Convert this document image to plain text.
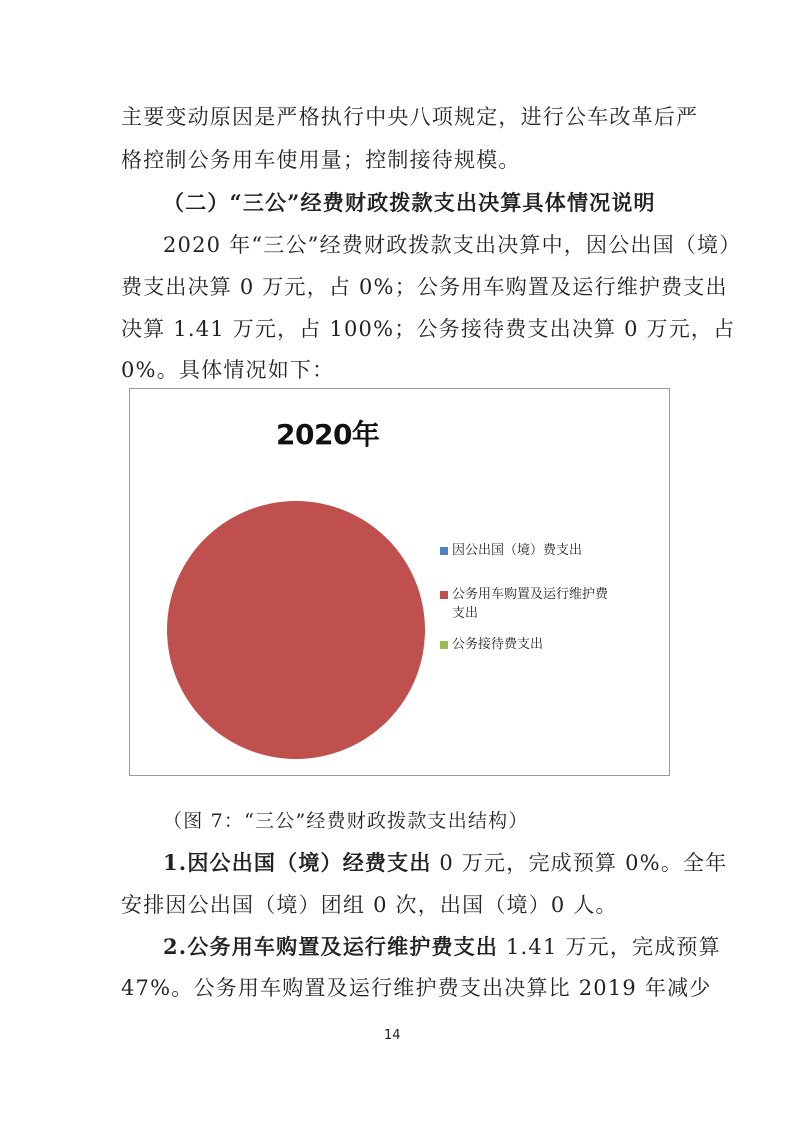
主要变动原因是严格执行中央八项规定，进行公车改革后严
格控制公务用车使用量；控制接待规模。
（二）“三公”经费财政拨款支出决算具体情况说明
2020 年“三公”经费财政拨款支出决算中，因公出国（境）
费支出决算 0 万元，占 0%；公务用车购置及运行维护费支出
决算 1.41 万元，占 100%；公务接待费支出决算 0 万元，占
0%。具体情况如下：
2020年
因公出国（境）费支出
公务用车购置及运行维护费支出
公务接待费支出
（图 7：“三公”经费财政拨款支出结构）
1.因公出国（境）经费支出 0 万元，完成预算 0%。全年
安排因公出国（境）团组 0 次，出国（境）0 人。
2.公务用车购置及运行维护费支出 1.41 万元，完成预算
47%。公务用车购置及运行维护费支出决算比 2019 年减少
14
